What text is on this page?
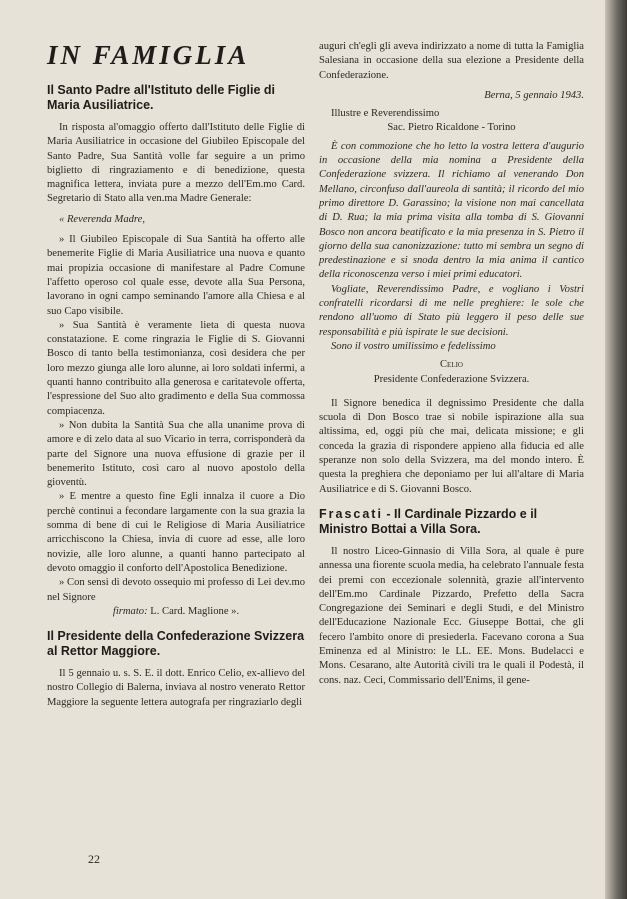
IN FAMIGLIA
Il Santo Padre all'Istituto delle Figlie di Maria Ausiliatrice.

In risposta al'omaggio offerto dall'Istituto delle Figlie di Maria Ausiliatrice in occasione del Giubileo Episcopale del Santo Padre, Sua Santità volle far seguire a un primo biglietto di ringraziamento e di benedizione, questa magnifica lettera, inviata pure a mezzo dell'Em.mo Card. Segretario di Stato alla ven.ma Madre Generale:

« Reverenda Madre,

» Il Giubileo Episcopale di Sua Santità ha offerto alle benemerite Figlie di Maria Ausiliatrice una nuova e quanto mai propizia occasione di manifestare al Padre Comune l'affetto operoso col quale esse, devote alla Sua Persona, lavorano in ogni campo seminando l'amore alla Chiesa e al suo Capo visibile.

» Sua Santità è veramente lieta di questa nuova constatazione. E come ringrazia le Figlie di S. Giovanni Bosco di tanto bella testimonianza, così desidera che per loro mezzo giunga alle loro alunne, ai loro soldati infermi, a quanti hanno contribuito alla generosa e caritatevole offerta, l'espressione del Suo alto gradimento e della Sua commossa compiacenza.

» Non dubita la Santità Sua che alla unanime prova di amore e di zelo data al suo Vicario in terra, corrisponderà da parte del Signore una nuova effusione di grazie per il benemerito Istituto, così caro al nuovo apostolo della gioventù.

» E mentre a questo fine Egli innalza il cuore a Dio perchè continui a fecondare largamente con la sua grazia la somma di bene di cui le Religiose di Maria Ausiliatrice arricchiscono la Chiesa, invia di cuore ad esse, alle loro novizie, alle loro alunne, a quanti hanno partecipato al devoto omaggio il conforto dell'Apostolica Benedizione.

» Con sensi di devoto ossequio mi professo di Lei dev.mo nel Signore

firmato: L. Card. Maglione ».

Il Presidente della Confederazione Svizzera al Rettor Maggiore.

Il 5 gennaio u. s. S. E. il dott. Enrico Celio, ex-allievo del nostro Collegio di Balerna, inviava al nostro venerato Rettor Maggiore la seguente lettera autografa per ringraziarlo degli

auguri ch'egli gli aveva indirizzato a nome di tutta la Famiglia Salesiana in occasione della sua elezione a Presidente della Confederazione.

Berna, 5 gennaio 1943.

Illustre e Reverendissimo

Sac. Pietro Ricaldone - Torino

È con commozione che ho letto la vostra lettera d'augurio in occasione della mia nomina a Presidente della Confederazione svizzera. Il richiamo al venerando Don Mellano, circonfuso dall'aureola di santità; il ricordo del mio primo direttore D. Garassino; la visione non mai cancellata di D. Rua; la mia prima visita alla tomba di S. Giovanni Bosco non ancora beatificato e la mia presenza in S. Pietro il giorno della sua canonizzazione: tutto mi sembra un segno di predestinazione e si snoda dentro la mia anima il cantico della riconoscenza verso i miei primi educatori.

Vogliate, Reverendissimo Padre, e vogliano i Vostri confratelli ricordarsi di me nelle preghiere: le sole che rendono all'uomo di Stato più leggero il peso delle sue responsabilità e più ispirate le sue decisioni.

Sono il vostro umilissimo e fedelissimo

Celio

Presidente Confederazione Svizzera.

Il Signore benedica il degnissimo Presidente che dalla scuola di Don Bosco trae sì nobile ispirazione alla sua altissima, ed, oggi più che mai, delicata missione; e gli conceda la grazia di rispondere appieno alla fiducia ed alle speranze non solo della Svizzera, ma del mondo intero. È questa la preghiera che deponiamo per lui all'altare di Maria Ausiliatrice e di S. Giovanni Bosco.

Frascati - Il Cardinale Pizzardo e il Ministro Bottai a Villa Sora.

Il nostro Liceo-Ginnasio di Villa Sora, al quale è pure annessa una fiorente scuola media, ha celebrato l'annuale festa dei premi con eccezionale solennità, grazie all'intervento dell'Em.mo Cardinale Pizzardo, Prefetto della Sacra Congregazione dei Seminari e degli Studi, e del Ministro dell'Educazione Nazionale Ecc. Giuseppe Bottai, che gli fecero l'ambito onore di presiederla. Facevano corona a Sua Eminenza ed al Ministro: le LL. EE. Mons. Budelacci e Mons. Cesarano, alte Autorità civili tra le quali il Podestà, il cons. naz. Ceci, Commissario dell'Enims, il gene-

22
